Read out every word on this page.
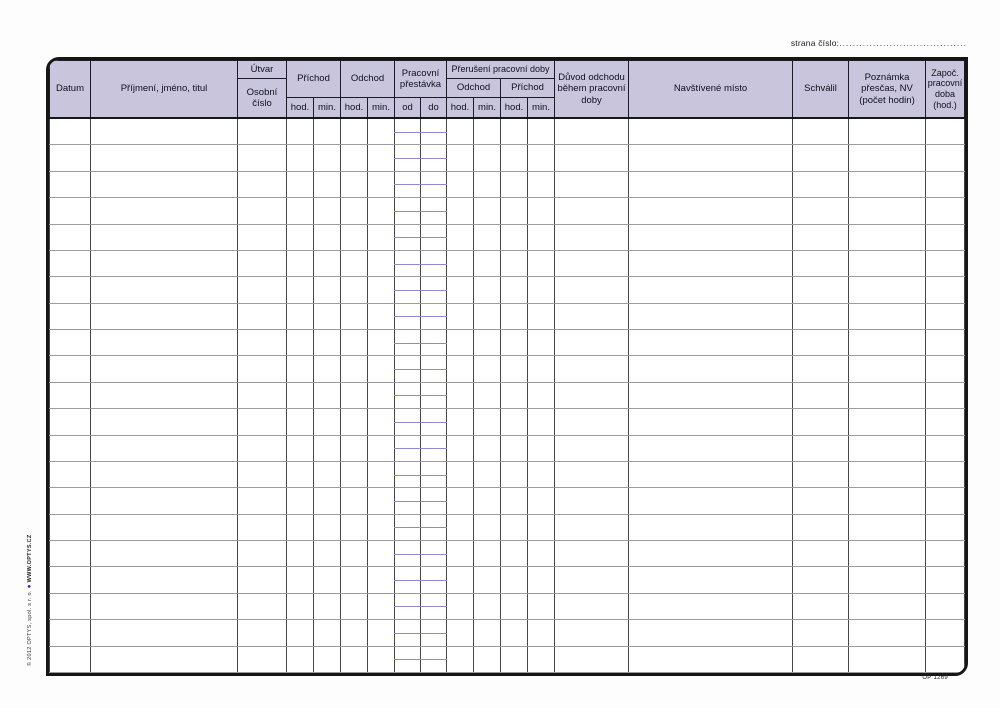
strana číslo:......................................
Datum	Příjmení, jméno, titul	Útvar	Příchod		Odchod		Pracovní přestávka		Přerušení pracovní doby				Důvod odchodu během pracovní doby	Navštívené místo	Schválil	Poznámka přesčas, NV (počet hodin)	Započ. pracovní doba (hod.)
		Osobní číslo							Odchod		Příchod						
			hod.	min.	hod.	min.	od	do	hod.	min.	hod.	min.					

© 2012 OPTYS, spol. s r. o. ● WWW.OPTYS.CZ
OP 1269
